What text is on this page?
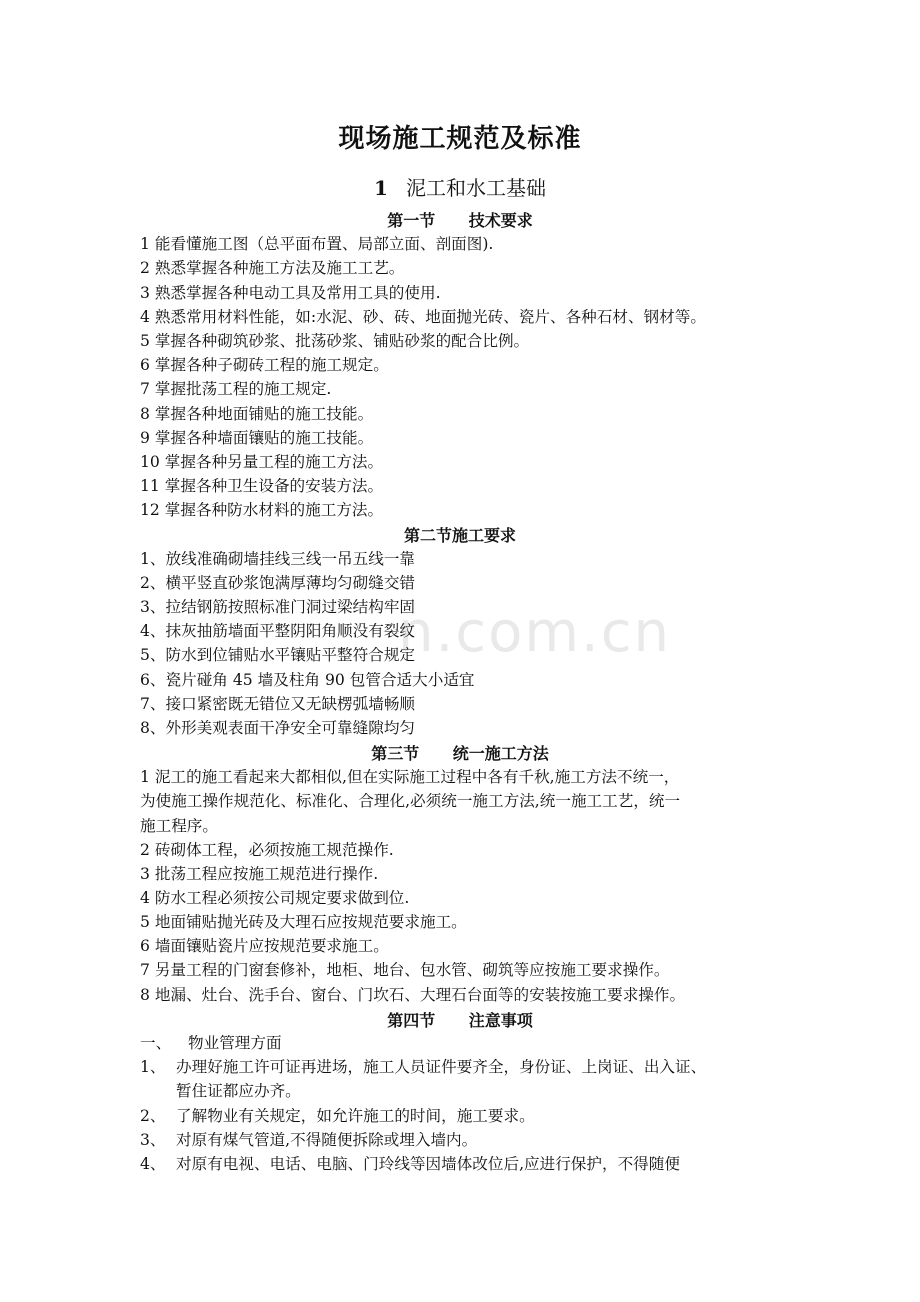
n.com.cn
现场施工规范及标准
1 泥工和水工基础
第一节      技术要求
1 能看懂施工图（总平面布置、局部立面、剖面图).
2 熟悉掌握各种施工方法及施工工艺。
3 熟悉掌握各种电动工具及常用工具的使用.
4 熟悉常用材料性能，如:水泥、砂、砖、地面抛光砖、瓷片、各种石材、钢材等。
5 掌握各种砌筑砂浆、批荡砂浆、铺贴砂浆的配合比例。
6 掌握各种子砌砖工程的施工规定。
7 掌握批荡工程的施工规定.
8 掌握各种地面铺贴的施工技能。
9 掌握各种墙面镶贴的施工技能。
10 掌握各种另量工程的施工方法。
11 掌握各种卫生设备的安装方法。
12 掌握各种防水材料的施工方法。
第二节施工要求
1、放线准确砌墙挂线三线一吊五线一靠
2、横平竖直砂浆饱满厚薄均匀砌缝交错
3、拉结钢筋按照标准门洞过梁结构牢固
4、抹灰抽筋墙面平整阴阳角顺没有裂纹
5、防水到位铺贴水平镶贴平整符合规定
6、瓷片碰角 45 墙及柱角 90 包管合适大小适宜
7、接口紧密既无错位又无缺楞弧墙畅顺
8、外形美观表面干净安全可靠缝隙均匀
第三节      统一施工方法
1 泥工的施工看起来大都相似,但在实际施工过程中各有千秋,施工方法不统一，
为使施工操作规范化、标准化、合理化,必须统一施工方法,统一施工工艺，统一
施工程序。
2 砖砌体工程，必须按施工规范操作.
3 批荡工程应按施工规范进行操作.
4 防水工程必须按公司规定要求做到位.
5 地面铺贴抛光砖及大理石应按规范要求施工。
6 墙面镶贴瓷片应按规范要求施工。
7 另量工程的门窗套修补，地柜、地台、包水管、砌筑等应按施工要求操作。
8 地漏、灶台、洗手台、窗台、门坎石、大理石台面等的安装按施工要求操作。
第四节      注意事项
一、 物业管理方面
1、 办理好施工许可证再进场，施工人员证件要齐全，身份证、上岗证、出入证、
暂住证都应办齐。
2、 了解物业有关规定，如允许施工的时间，施工要求。
3、 对原有煤气管道,不得随便拆除或埋入墙内。
4、 对原有电视、电话、电脑、门玲线等因墙体改位后,应进行保护，不得随便
